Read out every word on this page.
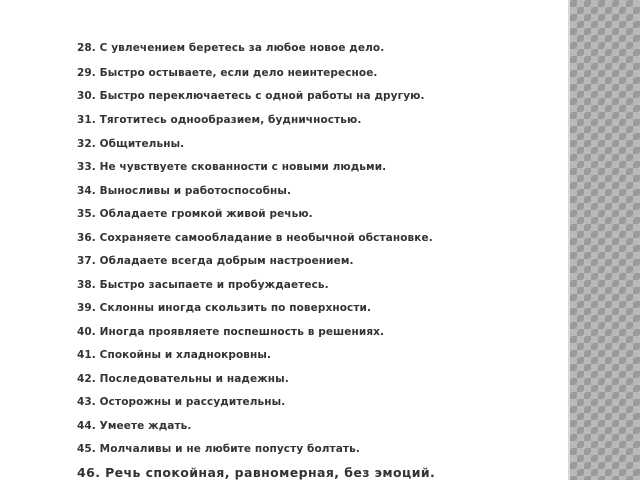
28. С увлечением беретесь за любое новое дело.
29. Быстро остываете, если дело неинтересное.
30. Быстро переключаетесь с одной работы на другую.
31. Тяготитесь однообразием, будничностью.
32. Общительны.
33. Не чувствуете скованности с новыми людьми.
34. Выносливы и работоспособны.
35. Обладаете громкой живой речью.
36. Сохраняете самообладание в необычной обстановке.
37. Обладаете всегда добрым настроением.
38. Быстро засыпаете и пробуждаетесь.
39. Склонны иногда скользить по поверхности.
40. Иногда проявляете поспешность в решениях.
41. Спокойны и хладнокровны.
42. Последовательны и надежны.
43. Осторожны и рассудительны.
44. Умеете ждать.
45. Молчаливы и не любите попусту болтать.
46. Речь спокойная, равномерная, без эмоций.
